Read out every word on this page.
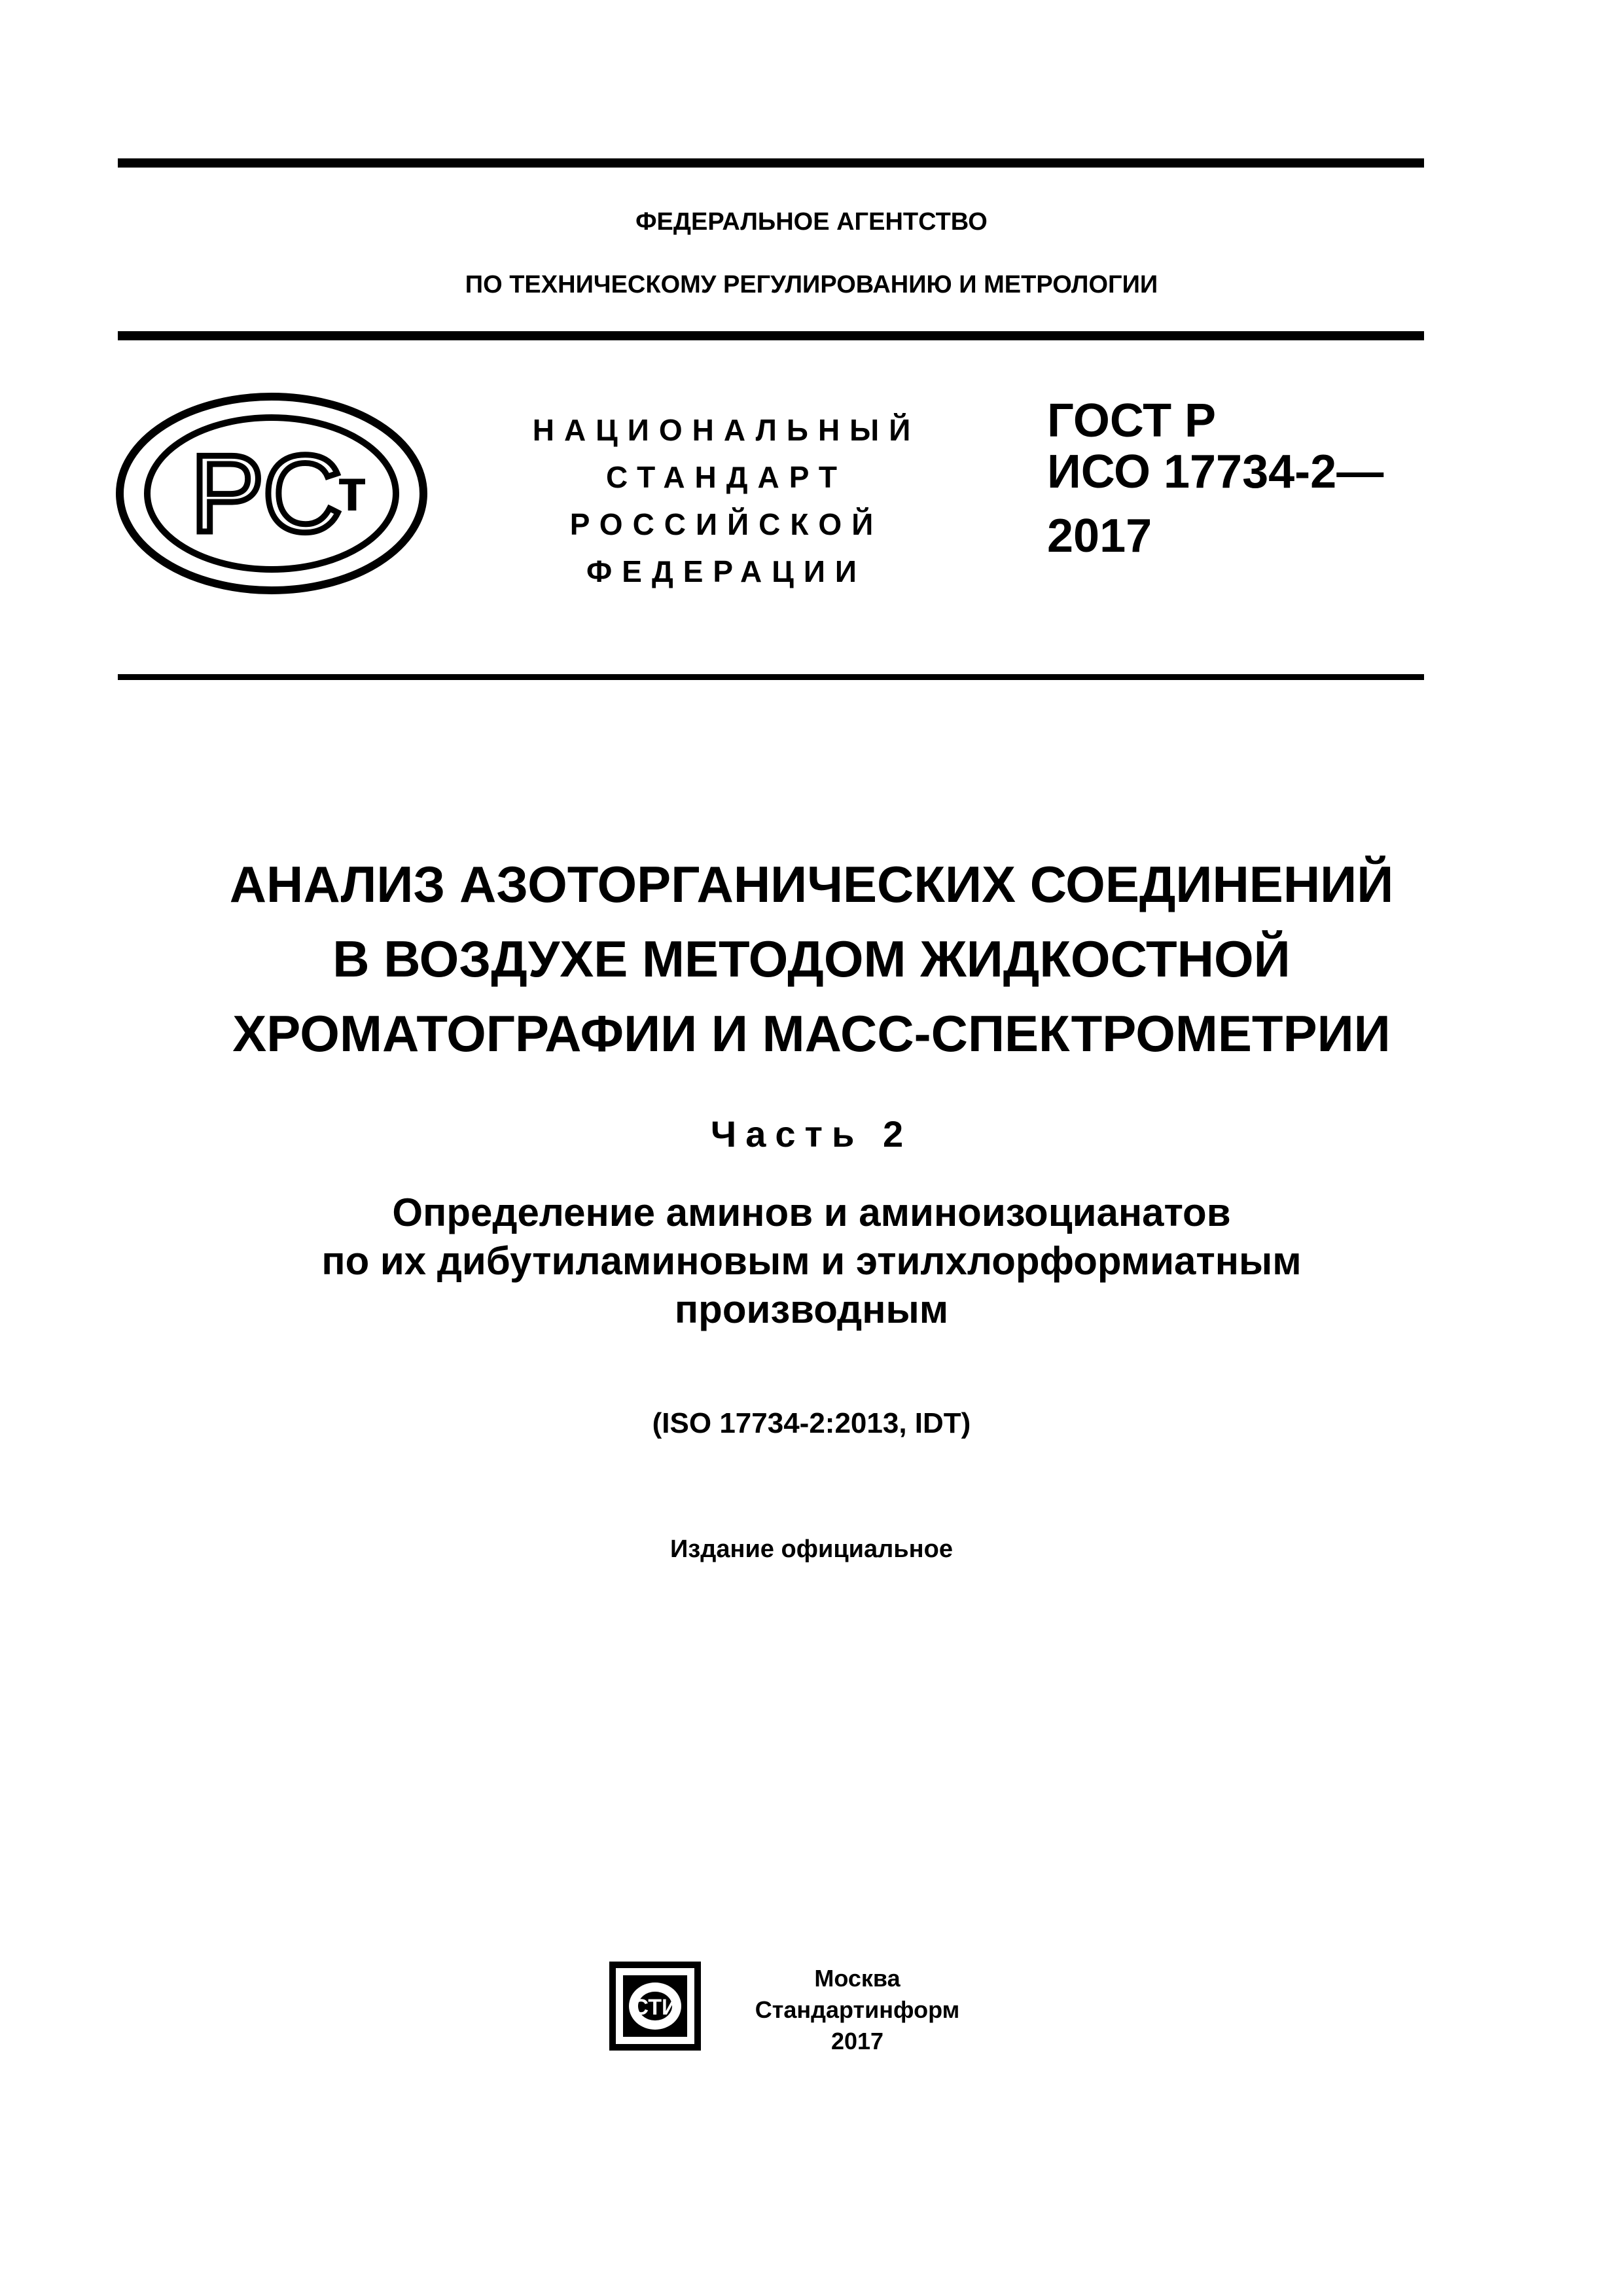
ФЕДЕРАЛЬНОЕ АГЕНТСТВО
ПО ТЕХНИЧЕСКОМУ РЕГУЛИРОВАНИЮ И МЕТРОЛОГИИ
РС
т
НАЦИОНАЛЬНЫЙ
СТАНДАРТ
РОССИЙСКОЙ
ФЕДЕРАЦИИ
ГОСТ Р
ИСО 17734-2—
2017
АНАЛИЗ АЗОТОРГАНИЧЕСКИХ СОЕДИНЕНИЙ
В ВОЗДУХЕ МЕТОДОМ ЖИДКОСТНОЙ
ХРОМАТОГРАФИИ И МАСС-СПЕКТРОМЕТРИИ
Часть 2
Определение аминов и аминоизоцианатов
по их дибутиламиновым и этилхлорформиатным
производным
(ISO 17734-2:2013, IDT)
Издание официальное
СТИ
Москва
Стандартинформ
2017
